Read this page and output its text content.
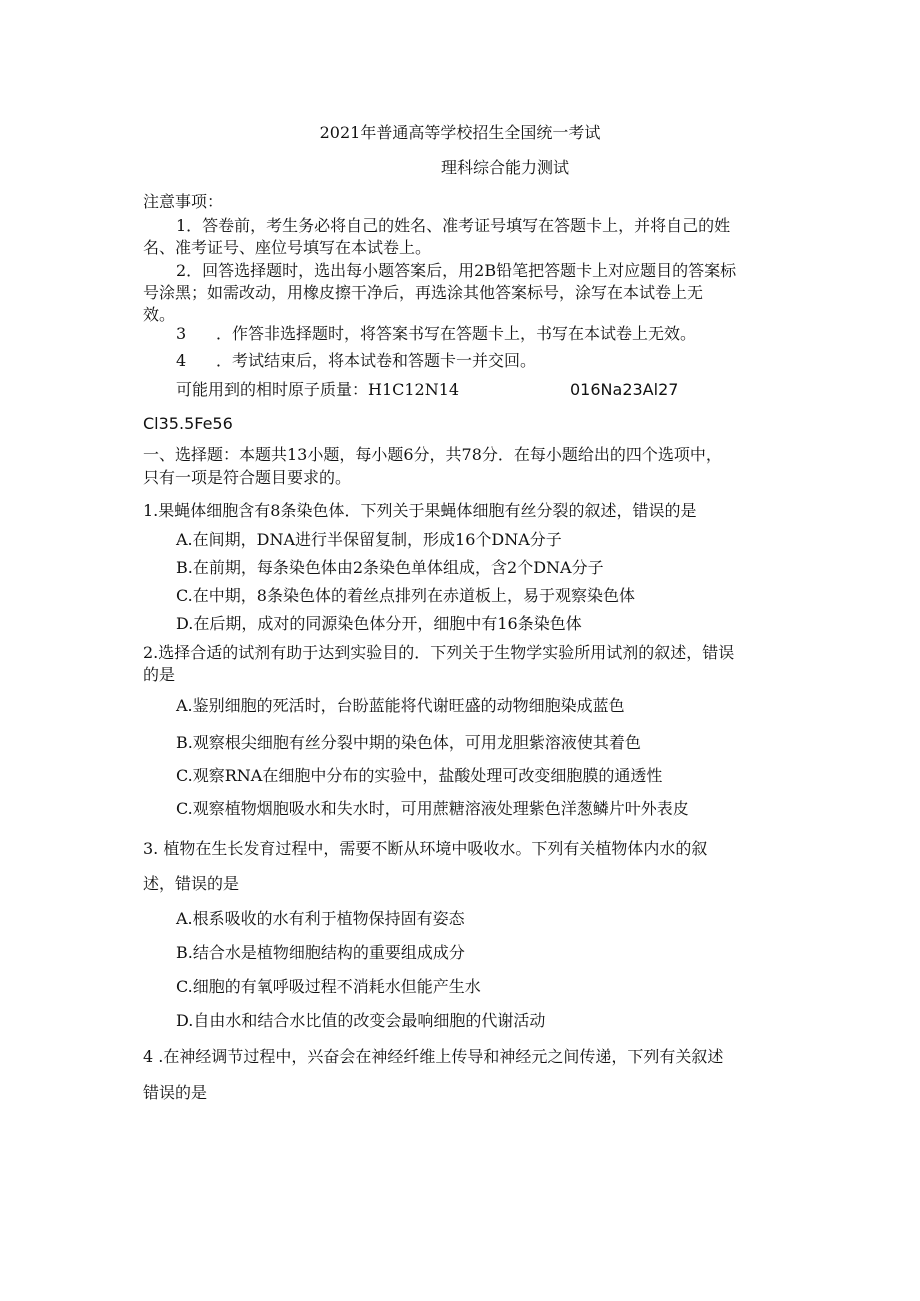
2021年普通高等学校招生全国统一考试
理科综合能力测试
注意事项：
1．答卷前，考生务必将自己的姓名、准考证号填写在答题卡上，并将自己的姓
名、准考证号、座位号填写在本试卷上。
2．回答选择题时，选出每小题答案后，用2B铅笔把答题卡上对应题目的答案标
号涂黑；如需改动，用橡皮擦干净后，再选涂其他答案标号，涂写在本试卷上无
效。
3 ．作答非选择题时，将答案书写在答题卡上，书写在本试卷上无效。
4 ．考试结束后，将本试卷和答题卡一并交回。
可能用到的相时原子质量：H1C12N14	016Na23Al27
Cl35.5Fe56
一、选择题：本题共13小题，每小题6分，共78分．在每小题给出的四个选项中，
只有一项是符合题目要求的。
1.果蝇体细胞含有8条染色体．下列关于果蝇体细胞有丝分裂的叙述，错误的是
A.在间期，DNA进行半保留复制，形成16个DNA分子
B.在前期，每条染色体由2条染色单体组成，含2个DNA分子
C.在中期，8条染色体的着丝点排列在赤道板上，易于观察染色体
D.在后期，成对的同源染色体分开，细胞中有16条染色体
2.选择合适的试剂有助于达到实验目的．下列关于生物学实验所用试剂的叙述，错误
的是
A.鉴别细胞的死活时，台盼蓝能将代谢旺盛的动物细胞染成蓝色
B.观察根尖细胞有丝分裂中期的染色体，可用龙胆紫溶液使其着色
C.观察RNA在细胞中分布的实验中，盐酸处理可改变细胞膜的通透性
C.观察植物烟胞吸水和失水时，可用蔗糖溶液处理紫色洋葱鳞片叶外表皮
3. 植物在生长发育过程中，需要不断从环境中吸收水。下列有关植物体内水的叙
述，错误的是
A.根系吸收的水有利于植物保持固有姿态
B.结合水是植物细胞结构的重要组成成分
C.细胞的有氧呼吸过程不消耗水但能产生水
D.自由水和结合水比值的改变会最响细胞的代谢活动
4 .在神经调节过程中，兴奋会在神经纤维上传导和神经元之间传递，下列有关叙述
错误的是
